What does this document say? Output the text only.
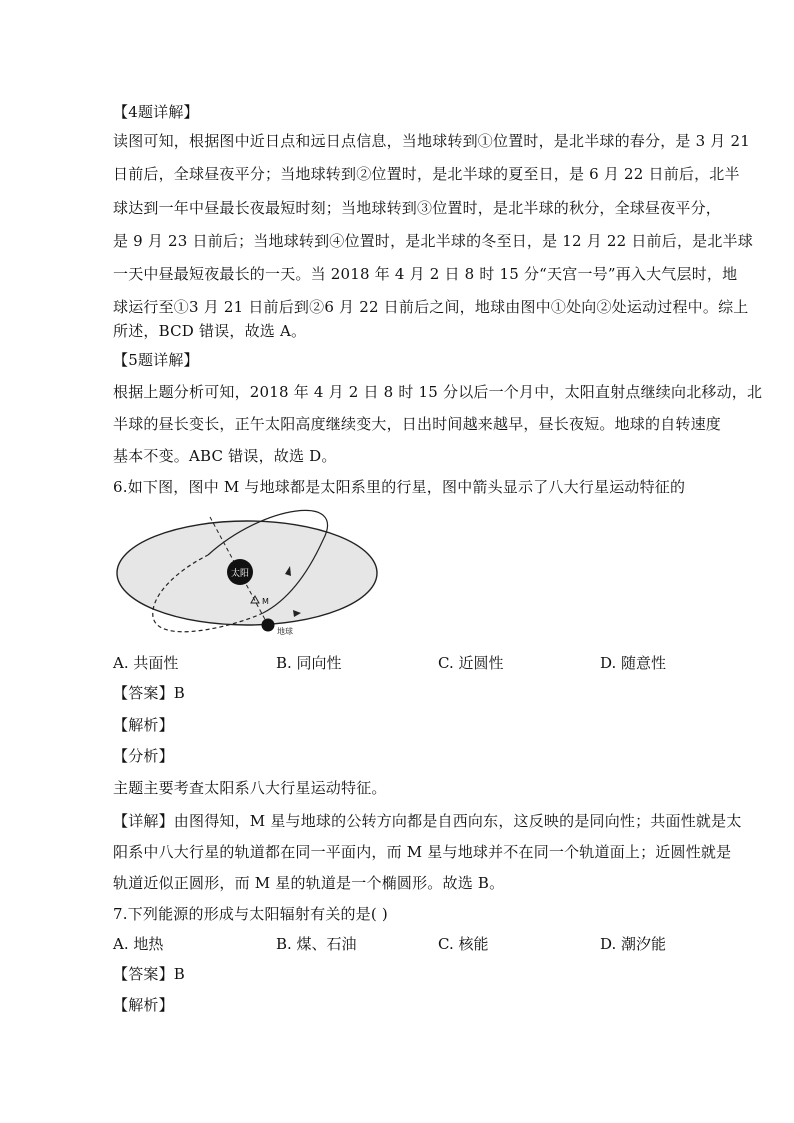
【4题详解】
读图可知，根据图中近日点和远日点信息，当地球转到①位置时，是北半球的春分，是 3 月 21
日前后，全球昼夜平分；当地球转到②位置时，是北半球的夏至日，是 6 月 22 日前后，北半
球达到一年中昼最长夜最短时刻；当地球转到③位置时，是北半球的秋分，全球昼夜平分，
是 9 月 23 日前后；当地球转到④位置时，是北半球的冬至日，是 12 月 22 日前后，是北半球
一天中昼最短夜最长的一天。当 2018 年 4 月 2 日 8 时 15 分“天宫一号”再入大气层时，地
球运行至①3 月 21 日前后到②6 月 22 日前后之间，地球由图中①处向②处运动过程中。综上
所述，BCD 错误，故选 A。
【5题详解】
根据上题分析可知，2018 年 4 月 2 日 8 时 15 分以后一个月中，太阳直射点继续向北移动，北
半球的昼长变长，正午太阳高度继续变大，日出时间越来越早，昼长夜短。地球的自转速度
基本不变。ABC 错误，故选 D。
6.如下图，图中 M 与地球都是太阳系里的行星，图中箭头显示了八大行星运动特征的
太阳
M
地球
A. 共面性	B. 同向性	C. 近圆性	D. 随意性
【答案】B
【解析】
【分析】
主题主要考查太阳系八大行星运动特征。
【详解】由图得知，M 星与地球的公转方向都是自西向东，这反映的是同向性；共面性就是太
阳系中八大行星的轨道都在同一平面内，而 M 星与地球并不在同一个轨道面上；近圆性就是
轨道近似正圆形，而 M 星的轨道是一个椭圆形。故选 B。
7.下列能源的形成与太阳辐射有关的是( )
A. 地热	B. 煤、石油	C. 核能	D. 潮汐能
【答案】B
【解析】
